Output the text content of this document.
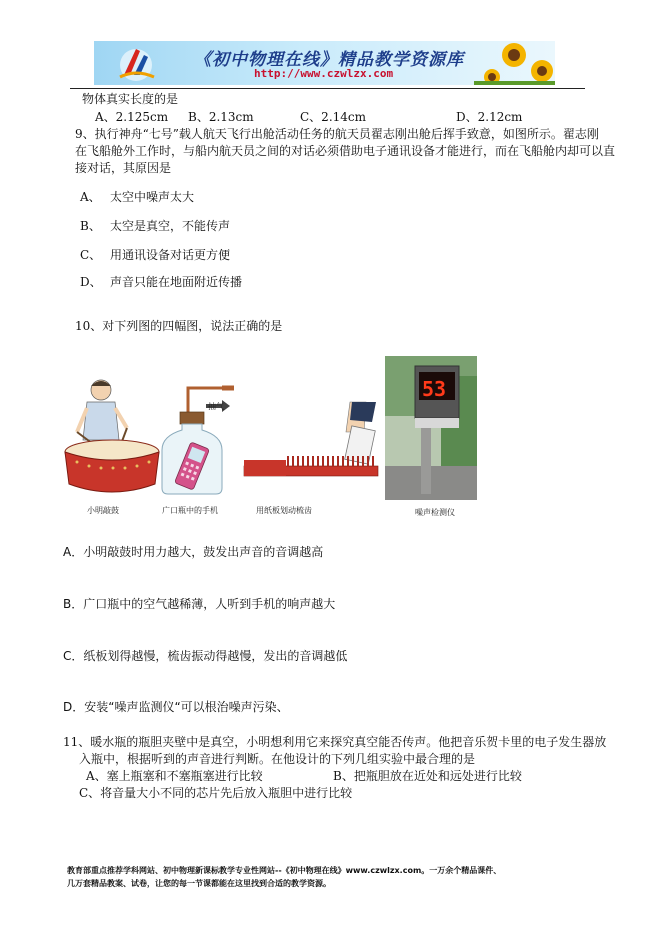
《初中物理在线》精品教学资源库
http://www.czwlzx.com
物体真实长度的是
A、2.125cm B、2.13cm	C、2.14cm	D、2.12cm
9、执行神舟“七号”载人航天飞行出舱活动任务的航天员翟志刚出舱后挥手致意，如图所示。翟志刚
在飞船舱外工作时，与船内航天员之间的对话必须借助电子通讯设备才能进行，而在飞船舱内却可以直
接对话，其原因是
A、 太空中噪声太大
B、 太空是真空，不能传声
C、 用通讯设备对话更方便
D、 声音只能在地面附近传播
10、对下列图的四幅图，说法正确的是
小明敲鼓
抽气
广口瓶中的手机	用纸板划动梳齿
53
噪声检测仪
A．小明敲鼓时用力越大，鼓发出声音的音调越高
B．广口瓶中的空气越稀薄，人听到手机的响声越大
C．纸板划得越慢，梳齿振动得越慢，发出的音调越低
D．安装“噪声监测仪“可以根治噪声污染、
11、暖水瓶的瓶胆夹壁中是真空，小明想利用它来探究真空能否传声。他把音乐贺卡里的电子发生器放
入瓶中，根据听到的声音进行判断。在他设计的下列几组实验中最合理的是
A、塞上瓶塞和不塞瓶塞进行比较	B、把瓶胆放在近处和远处进行比较
C、将音量大小不同的芯片先后放入瓶胆中进行比较
教育部重点推荐学科网站、初中物理新课标教学专业性网站--《初中物理在线》www.czwlzx.com。一万余个精品课件、
几万套精品教案、试卷，让您的每一节课都能在这里找到合适的教学资源。
